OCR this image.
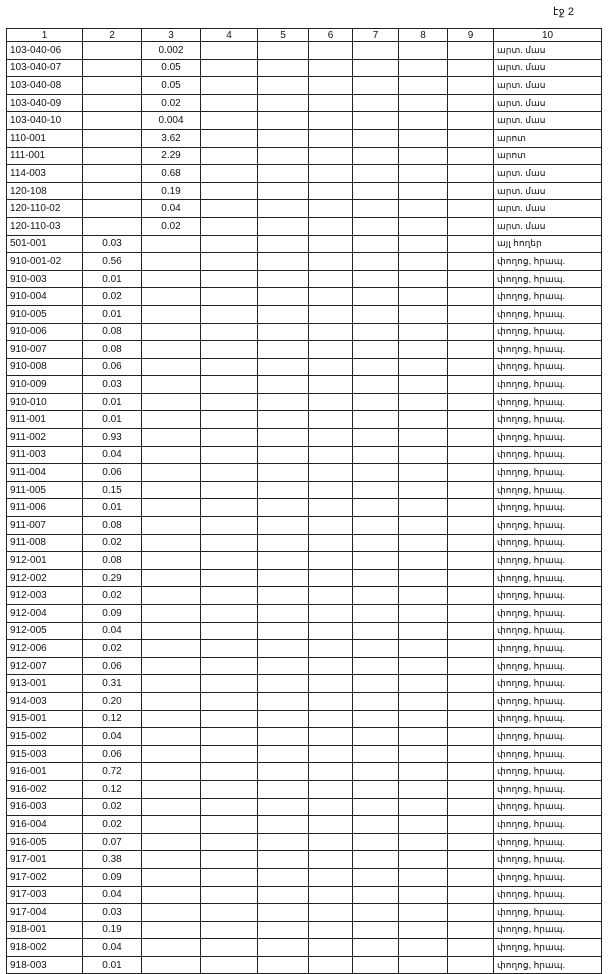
էջ 2
1	2	3	4	5	6	7	8	9	10
103-040-06		0.002							արտ. մաս
103-040-07		0.05							արտ. մաս
103-040-08		0.05							արտ. մաս
103-040-09		0.02							արտ. մաս
103-040-10		0.004							արտ. մաս
110-001		3.62							արոտ
111-001		2.29							արոտ
114-003		0.68							արտ. մաս
120-108		0.19							արտ. մաս
120-110-02		0.04							արտ. մաս
120-110-03		0.02							արտ. մաս
501-001	0.03								այլ հողեր
910-001-02	0.56								փողոց, հրապ.
910-003	0.01								փողոց, հրապ.
910-004	0.02								փողոց, հրապ.
910-005	0.01								փողոց, հրապ.
910-006	0.08								փողոց, հրապ.
910-007	0.08								փողոց, հրապ.
910-008	0.06								փողոց, հրապ.
910-009	0.03								փողոց, հրապ.
910-010	0.01								փողոց, հրապ.
911-001	0.01								փողոց, հրապ.
911-002	0.93								փողոց, հրապ.
911-003	0.04								փողոց, հրապ.
911-004	0.06								փողոց, հրապ.
911-005	0.15								փողոց, հրապ.
911-006	0.01								փողոց, հրապ.
911-007	0.08								փողոց, հրապ.
911-008	0.02								փողոց, հրապ.
912-001	0.08								փողոց, հրապ.
912-002	0.29								փողոց, հրապ.
912-003	0.02								փողոց, հրապ.
912-004	0.09								փողոց, հրապ.
912-005	0.04								փողոց, հրապ.
912-006	0.02								փողոց, հրապ.
912-007	0.06								փողոց, հրապ.
913-001	0.31								փողոց, հրապ.
914-003	0.20								փողոց, հրապ.
915-001	0.12								փողոց, հրապ.
915-002	0.04								փողոց, հրապ.
915-003	0.06								փողոց, հրապ.
916-001	0.72								փողոց, հրապ.
916-002	0.12								փողոց, հրապ.
916-003	0.02								փողոց, հրապ.
916-004	0.02								փողոց, հրապ.
916-005	0.07								փողոց, հրապ.
917-001	0.38								փողոց, հրապ.
917-002	0.09								փողոց, հրապ.
917-003	0.04								փողոց, հրապ.
917-004	0.03								փողոց, հրապ.
918-001	0.19								փողոց, հրապ.
918-002	0.04								փողոց, հրապ.
918-003	0.01								փողոց, հրապ.
